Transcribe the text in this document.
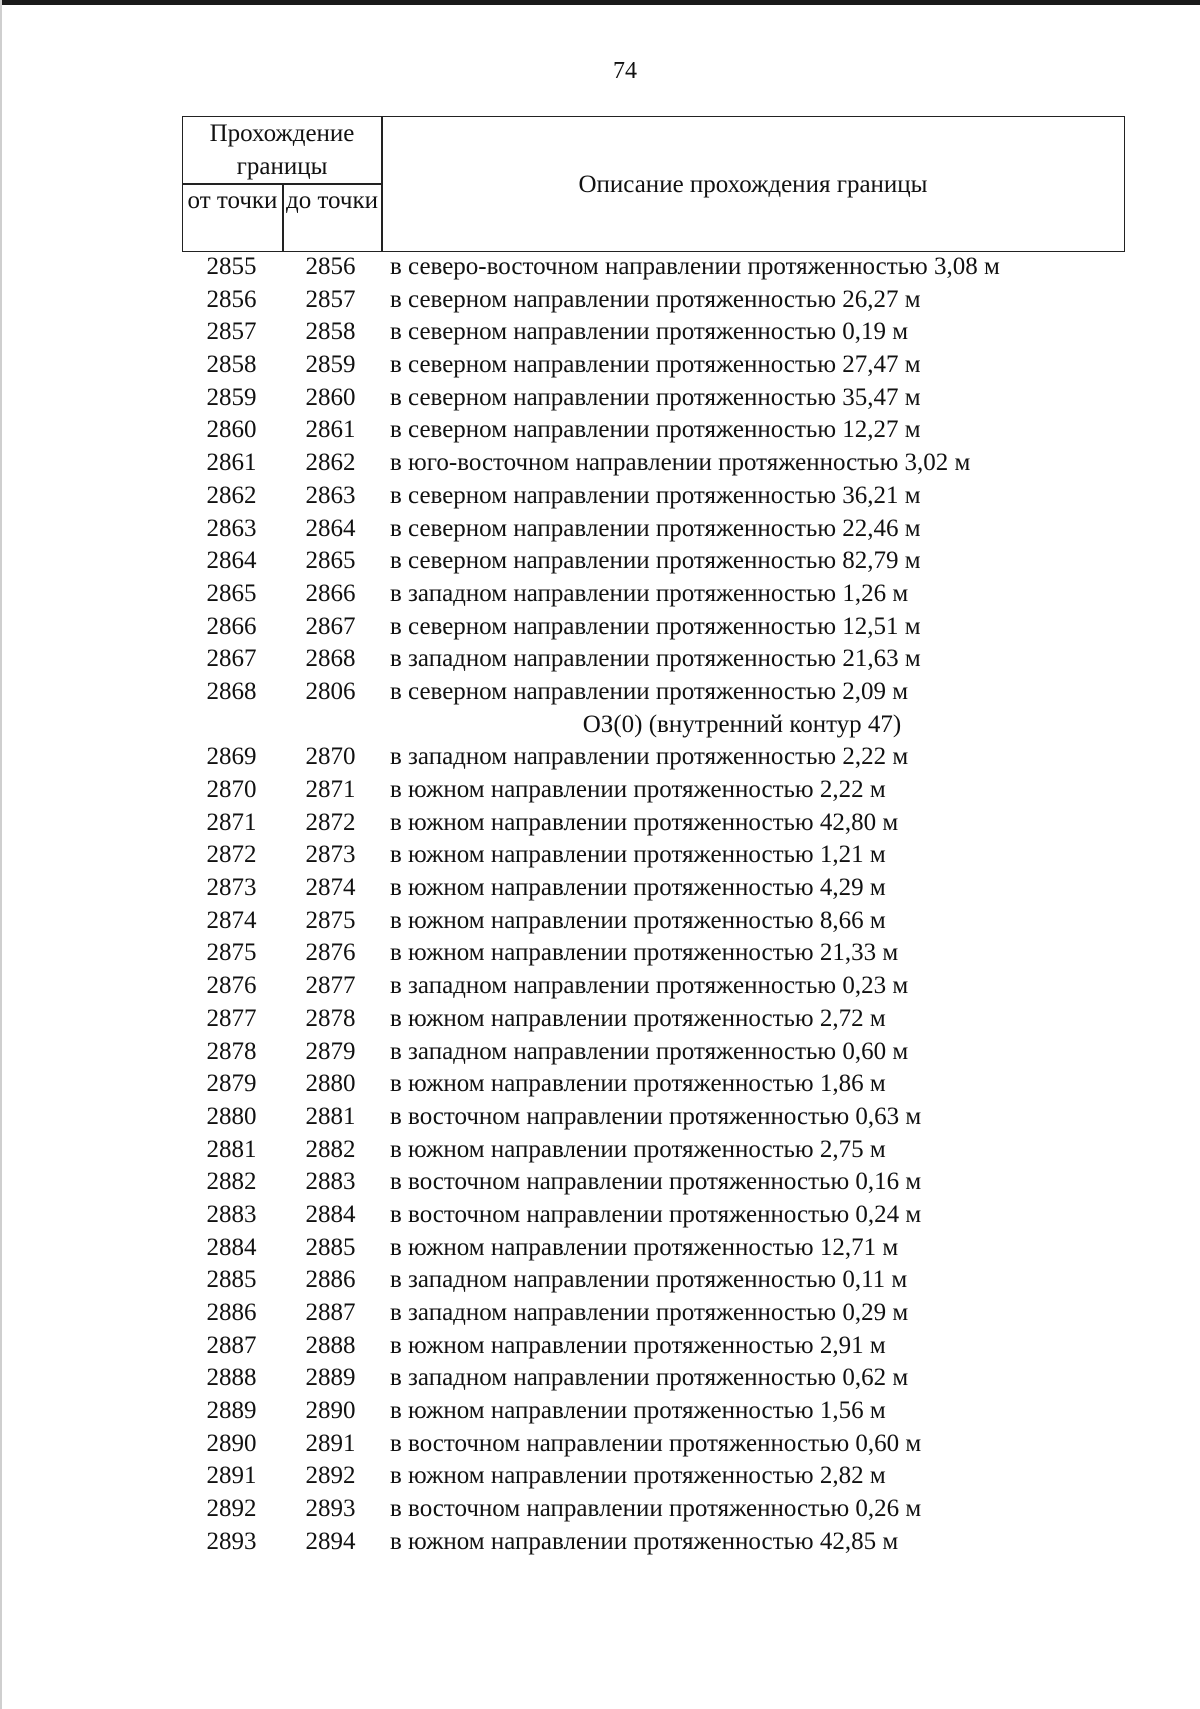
74
Прохождение границы
от точки до точки
Описание прохождения границы
2855	2856	в северо-восточном направлении протяженностью 3,08 м
2856	2857	в северном направлении протяженностью 26,27 м
2857	2858	в северном направлении протяженностью 0,19 м
2858	2859	в северном направлении протяженностью 27,47 м
2859	2860	в северном направлении протяженностью 35,47 м
2860	2861	в северном направлении протяженностью 12,27 м
2861	2862	в юго-восточном направлении протяженностью 3,02 м
2862	2863	в северном направлении протяженностью 36,21 м
2863	2864	в северном направлении протяженностью 22,46 м
2864	2865	в северном направлении протяженностью 82,79 м
2865	2866	в западном направлении протяженностью 1,26 м
2866	2867	в северном направлении протяженностью 12,51 м
2867	2868	в западном направлении протяженностью 21,63 м
2868	2806	в северном направлении протяженностью 2,09 м
ОЗ(0) (внутренний контур 47)
2869	2870	в западном направлении протяженностью 2,22 м
2870	2871	в южном направлении протяженностью 2,22 м
2871	2872	в южном направлении протяженностью 42,80 м
2872	2873	в южном направлении протяженностью 1,21 м
2873	2874	в южном направлении протяженностью 4,29 м
2874	2875	в южном направлении протяженностью 8,66 м
2875	2876	в южном направлении протяженностью 21,33 м
2876	2877	в западном направлении протяженностью 0,23 м
2877	2878	в южном направлении протяженностью 2,72 м
2878	2879	в западном направлении протяженностью 0,60 м
2879	2880	в южном направлении протяженностью 1,86 м
2880	2881	в восточном направлении протяженностью 0,63 м
2881	2882	в южном направлении протяженностью 2,75 м
2882	2883	в восточном направлении протяженностью 0,16 м
2883	2884	в восточном направлении протяженностью 0,24 м
2884	2885	в южном направлении протяженностью 12,71 м
2885	2886	в западном направлении протяженностью 0,11 м
2886	2887	в западном направлении протяженностью 0,29 м
2887	2888	в южном направлении протяженностью 2,91 м
2888	2889	в западном направлении протяженностью 0,62 м
2889	2890	в южном направлении протяженностью 1,56 м
2890	2891	в восточном направлении протяженностью 0,60 м
2891	2892	в южном направлении протяженностью 2,82 м
2892	2893	в восточном направлении протяженностью 0,26 м
2893	2894	в южном направлении протяженностью 42,85 м
